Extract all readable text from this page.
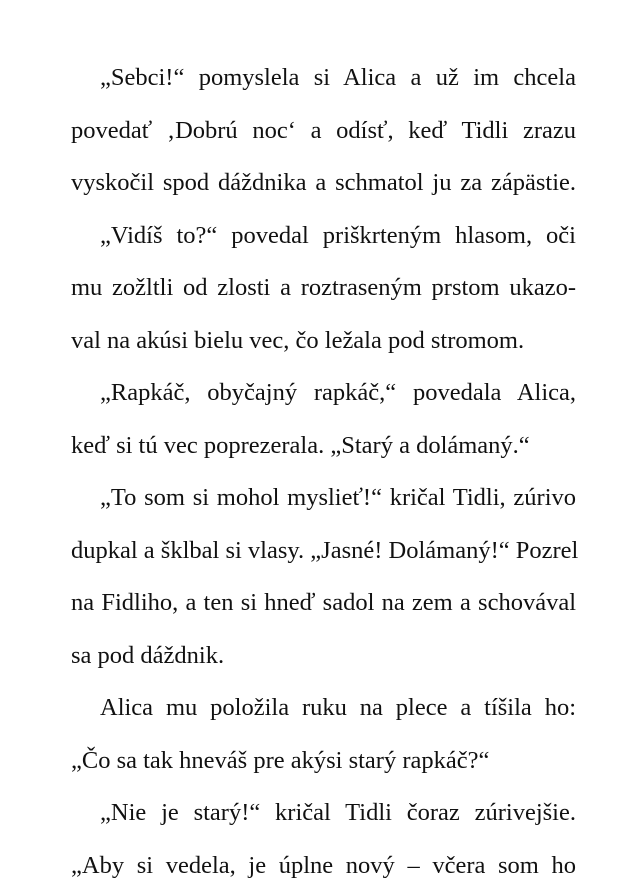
„Sebci!“ pomyslela si Alica a už im chcela
povedať ‚Dobrú noc‘ a odísť, keď Tidli zrazu
vyskočil spod dáždnika a schmatol ju za zápästie.
„Vidíš to?“ povedal priškrteným hlasom, oči
mu zožltli od zlosti a roztraseným prstom ukazo-
val na akúsi bielu vec, čo ležala pod stromom.
„Rapkáč, obyčajný rapkáč,“ povedala Alica,
keď si tú vec poprezerala. „Starý a dolámaný.“
„To som si mohol myslieť!“ kričal Tidli, zúrivo
dupkal a šklbal si vlasy. „Jasné! Dolámaný!“ Pozrel
na Fidliho, a ten si hneď sadol na zem a schovával
sa pod dáždnik.
Alica mu položila ruku na plece a tíšila ho:
„Čo sa tak hneváš pre akýsi starý rapkáč?“
„Nie je starý!“ kričal Tidli čoraz zúrivejšie.
„Aby si vedela, je úplne nový – včera som ho
